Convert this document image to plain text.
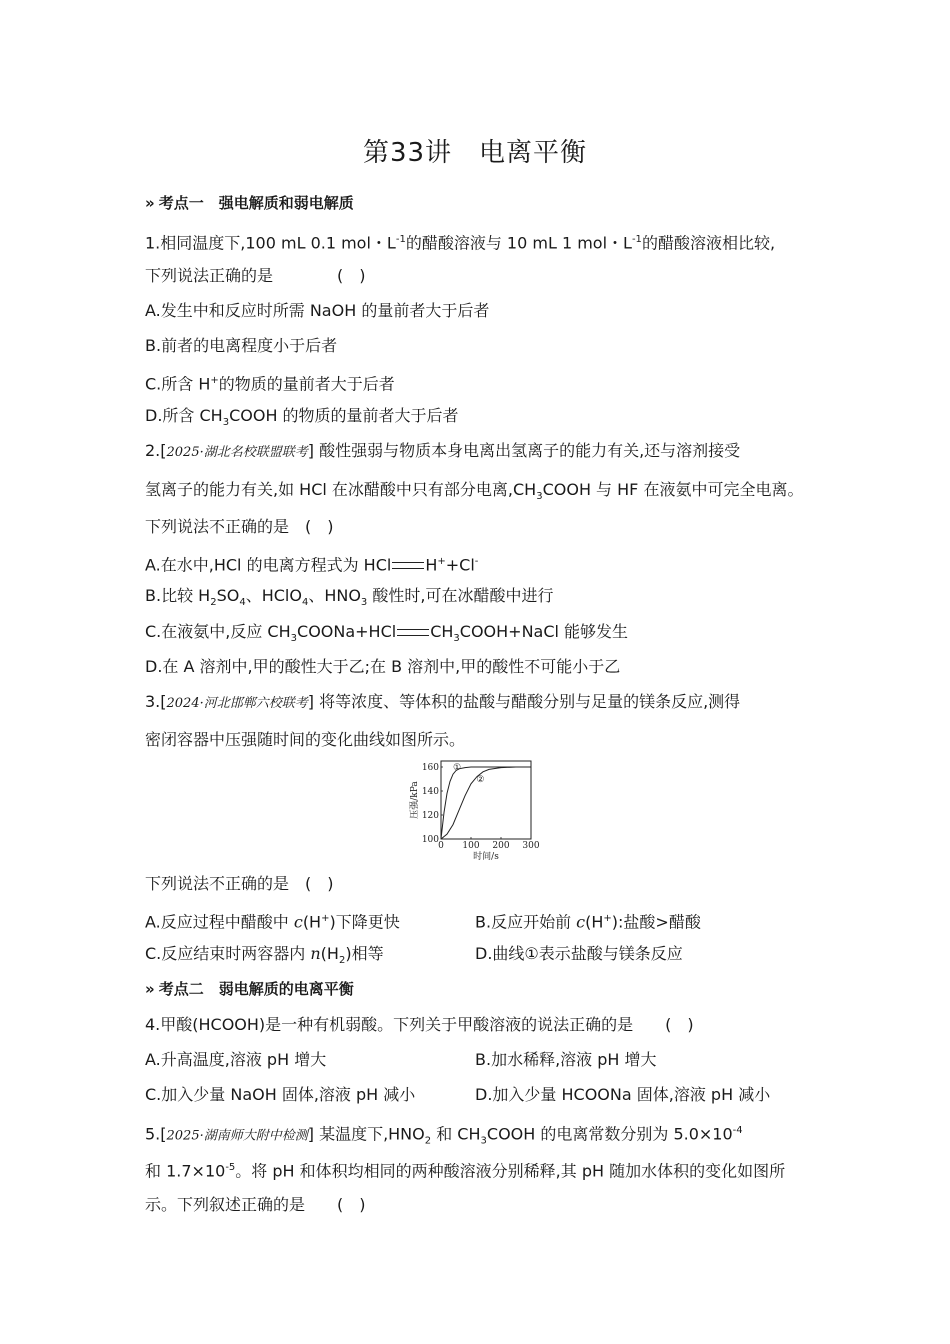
第33讲　电离平衡
» 考点一　强电解质和弱电解质
1.相同温度下,100 mL 0.1 mol・$L^{-1}$的醋酸溶液与 10 mL 1 mol・$L^{-1}$的醋酸溶液相比较,
下列说法正确的是　　　　(　)
A.发生中和反应时所需 NaOH 的量前者大于后者
B.前者的电离程度小于后者
C.所含 H+的物质的量前者大于后者
D.所含 $CH_3COOH$ 的物质的量前者大于后者
2.[2025·湖北名校联盟联考] 酸性强弱与物质本身电离出氢离子的能力有关,还与溶剂接受
氢离子的能力有关,如 HCl 在冰醋酸中只有部分电离$,CH_3COOH$ 与 HF 在液氨中可完全电离。
下列说法不正确的是　(　)
A.在水中,HCl 的电离方程式为 HCl H++Cl-
B.比较 $H_2SO_4$、HClO$_4$、$HNO_3$ 酸性时,可在冰醋酸中进行
C.在液氨中,反应 $CH_3COONa+HCl$ $CH_3COOH+NaCl$ 能够发生
D.在 A 溶剂中,甲的酸性大于乙;在 B 溶剂中,甲的酸性不可能小于乙
3.[2024·河北邯郸六校联考] 将等浓度、等体积的盐酸与醋酸分别与足量的镁条反应,测得
密闭容器中压强随时间的变化曲线如图所示。
0 100 200 300
100
120
140
160
时间/s
压强/kPa
①
②
下列说法不正确的是　(　)
A.反应过程中醋酸中 c(H+)下降更快	B.反应开始前 c(H+):盐酸>醋酸
C.反应结束时两容器内 $n(H_2)$相等	D.曲线①表示盐酸与镁条反应
» 考点二　弱电解质的电离平衡
4.甲酸(HCOOH)是一种有机弱酸。下列关于甲酸溶液的说法正确的是　　(　)
A.升高温度,溶液 pH 增大	B.加水稀释,溶液 pH 增大
C.加入少量 NaOH 固体,溶液 pH 减小	D.加入少量 HCOONa 固体,溶液 pH 减小
5.[2025·湖南师大附中检测] 某温度下$,HNO_2$ 和 $CH_3COOH$ 的电离常数分别为 $5.0\times 10^{-4}$
和 $1.7\times 10^{-5}$。将 pH 和体积均相同的两种酸溶液分别稀释,其 pH 随加水体积的变化如图所
示。下列叙述正确的是　　(　)
